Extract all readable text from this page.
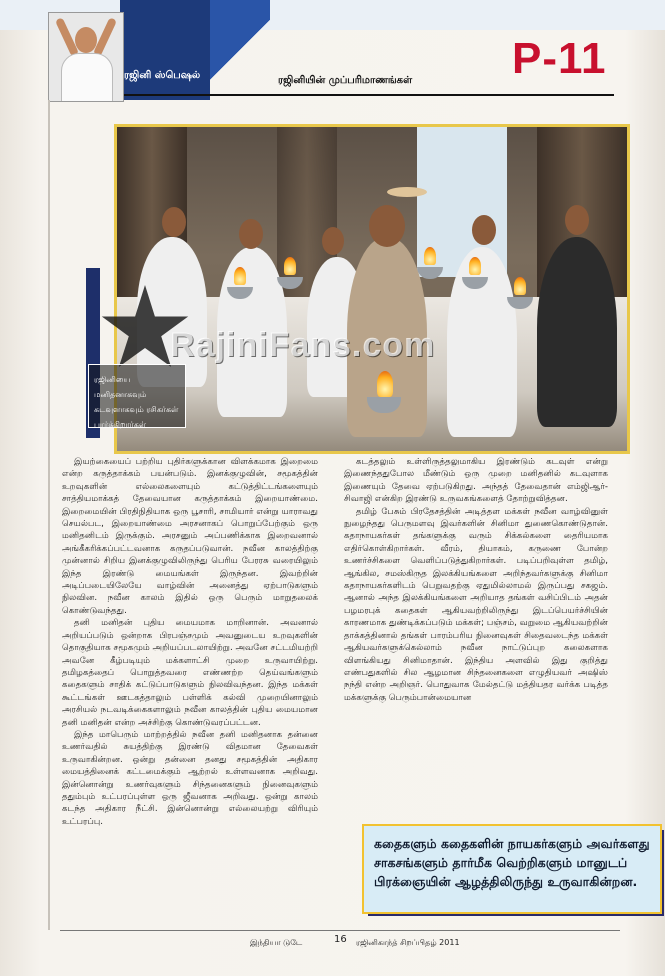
ரஜினி ஸ்பெஷல்	ரஜினியின் முப்பரிமாணங்கள் P-11
RajiniFans.com
ரஜினியை மனிதனாகவும் கடவுளாகவும் ரசிகர்கள் பார்க்கிறார்கள்

இயற்கையைப் பற்றிய புதிர்களுக்கான விளக்கமாக இறைமை என்ற கருத்தாக்கம் பயன்படும். இனக்குழுவின், சமூகத்தின் உறவுகளின் எல்லைகளையும் கட்டுத்திட்டங்களையும் சாத்தியமாக்கத் தேவையான கருத்தாக்கம் இறையாண்மை. இறைமையின் பிரதிநிதியாக ஒரு பூசாரி, சாமியார் என்று யாராவது செயல்பட, இறையாண்மை அரசனாகப் பொறுப்பேற்கும் ஒரு மனிதனிடம் இருக்கும். அரசனும் அப்பணிக்காக இறைவனால் அங்கீகரிக்கப்பட்டவனாக கருதப்படுவான். நவீன காலத்திற்கு முன்னால் சிறிய இனக்குழுவிலிருந்து பெரிய பேரரசு வரையிலும் இந்த இரண்டு மையங்கள் இருந்தன. இவற்றின் அடிப்படையிலேயே வாழ்வின் அனைத்து ஏற்பாடுகளும் நிலவின. நவீன காலம் இதில் ஒரு பெரும் மாறுதலைக் கொண்டுவந்தது.

தனி மனிதன் புதிய மையமாக மாறினான். அவனால் அறியப்படும் ஒன்றாக பிரபஞ்சமும் அவனுடைய உறவுகளின் தொகுதியாக சமூகமும் அறியப்படலாயிற்று. அவனே சட்டமியற்றி அவனே கீழ்படியும் மக்களாட்சி முறை உருவாயிற்று. தமிழகத்தைப் பொறுத்தவரை எண்ணற்ற தெய்வங்களும் கதைகளும் சாதிக் கட்டுப்பாடுகளும் நிலவிவந்தன. இந்த மக்கள் கூட்டங்கள் ஊடகத்தாலும் பள்ளிக் கல்வி முறையினாலும் அரசியல் நடவடிக்கைகளாலும் நவீன காலத்தின் புதிய மையமான தனி மனிதன் என்ற அச்சிற்கு கொண்டுவரப்பட்டன.

இந்த மாபெரும் மாற்றத்தில் நவீன தனி மனிதனாக தன்னை உணர்வதில் சுயத்திற்கு இரண்டு விதமான தேவைகள் உருவாகின்றன. ஒன்று தன்னை தனது சமூகத்தின் அதிகார மையத்தினைக் கட்டமைக்கும் ஆற்றல் உள்ளவனாக அறிவது. இன்னொன்று உணர்வுகளும் சிந்தனைகளும் நினைவுகளும் ததும்பும் உட்பரப்புள்ள ஒரு ஜீவனாக அறிவது. ஒன்று காலம் கடந்த அதிகார நீட்சி. இன்னொன்று எல்லையற்று விரியும் உட்பரப்பு.

கடத்தலும் உள்ளிருத்தலுமாகிய இரண்டும் கடவுள் என்று இணைந்ததுபோல மீண்டும் ஒரு முறை மனிதனில் கடவுளாக இணையும் தேவை ஏற்படுகிறது. அந்தத் தேவைதான் எம்ஜிஆர்-சிவாஜி என்கிற இரண்டு உருவகங்களைத் தோற்றுவித்தன.

தமிழ் பேசும் பிரதேசத்தின் அடித்தள மக்கள் நவீன வாழ்வினுள் நுழைந்தது பெருமளவு இவர்களின் சினிமா துணைகொண்டுதான். கதாநாயகர்கள் தங்களுக்கு வரும் சிக்கல்களை தைரியமாக எதிர்கொள்கிறார்கள். வீரம், தியாகம், கருணை போன்ற உணர்ச்சிகளை வெளிப்படுத்துகிறார்கள். படிப்பறிவுள்ள தமிழ், ஆங்கில, சமஸ்கிருத இலக்கியங்களை அறிந்தவர்களுக்கு சினிமா கதாநாயகர்களிடம் பெறுவதற்கு ஏதுமில்லாமல் இருப்பது சகஜம். ஆனால் அந்த இலக்கியங்களை அறியாத தங்கள் வசிப்பிடம் அதன் பழமரபுக் கதைகள் ஆகியவற்றிலிருந்து இடப்பெயர்ச்சியின் காரணமாக துண்டிக்கப்படும் மக்கள்; பஞ்சம், வறுமை ஆகியவற்றின் தாக்கத்தினால் தங்கள் பாரம்பரிய நினைவுகள் சிதைவடைந்த மக்கள் ஆகியவர்களுக்கெல்லாம் நவீன நாட்டுப்புற கலைகளாக விளங்கியது சினிமாதான். இந்திய அளவில் இது குறித்து எண்பதுகளில் சில ஆழமான சிந்தனைகளை எழுதியவர் அஷிஸ் நந்தி என்ற அறிஞர். பொதுவாக மேல்தட்டு மத்தியதர வர்க்க படித்த மக்களுக்கு பெரும்பான்மையான

கதைகளும் கதைகளின் நாயகர்களும் அவர்களது சாகசங்களும் தார்மீக வெற்றிகளும் மானுடப் பிரக்ஞையின் ஆழத்திலிருந்து உருவாகின்றன.
இந்தியா டுடே	16 ரஜினிகாந்த் சிறப்பிதழ் 2011
